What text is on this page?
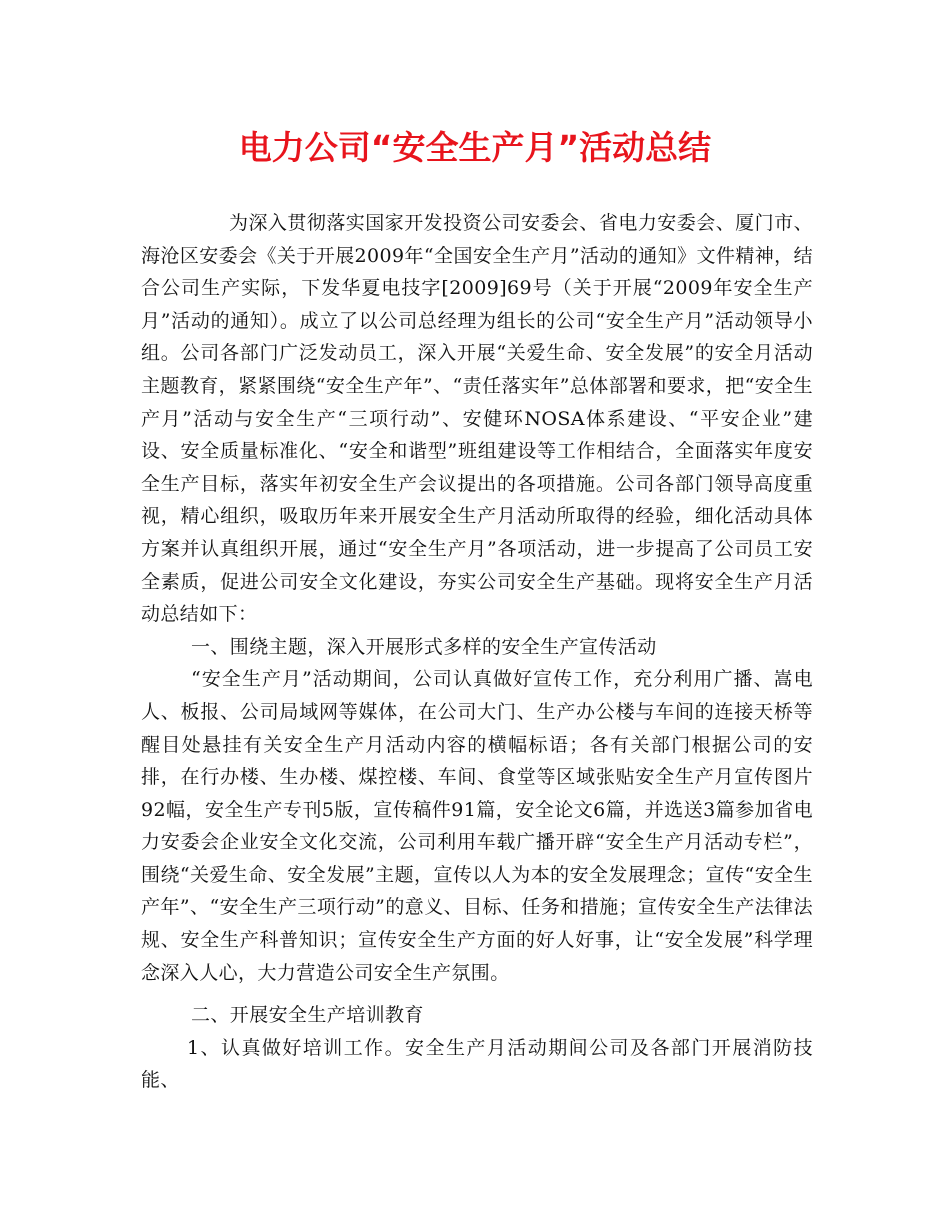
电力公司“安全生产月”活动总结

为深入贯彻落实国家开发投资公司安委会、省电力安委会、厦门市、海沧区安委会《关于开展2009年“全国安全生产月”活动的通知》文件精神，结合公司生产实际，下发华夏电技字[2009]69号（关于开展“2009年安全生产月”活动的通知）。成立了以公司总经理为组长的公司“安全生产月”活动领导小组。公司各部门广泛发动员工，深入开展“关爱生命、安全发展”的安全月活动主题教育，紧紧围绕“安全生产年”、“责任落实年”总体部署和要求，把“安全生产月”活动与安全生产“三项行动”、安健环NOSA体系建设、“平安企业”建设、安全质量标准化、“安全和谐型”班组建设等工作相结合，全面落实年度安全生产目标，落实年初安全生产会议提出的各项措施。公司各部门领导高度重视，精心组织，吸取历年来开展安全生产月活动所取得的经验，细化活动具体方案并认真组织开展，通过“安全生产月”各项活动，进一步提高了公司员工安全素质，促进公司安全文化建设，夯实公司安全生产基础。现将安全生产月活动总结如下：

一、围绕主题，深入开展形式多样的安全生产宣传活动

“安全生产月”活动期间，公司认真做好宣传工作，充分利用广播、嵩电人、板报、公司局域网等媒体，在公司大门、生产办公楼与车间的连接天桥等醒目处悬挂有关安全生产月活动内容的横幅标语；各有关部门根据公司的安排，在行办楼、生办楼、煤控楼、车间、食堂等区域张贴安全生产月宣传图片92幅，安全生产专刊5版，宣传稿件91篇，安全论文6篇，并选送3篇参加省电力安委会企业安全文化交流，公司利用车载广播开辟“安全生产月活动专栏”，围绕“关爱生命、安全发展”主题，宣传以人为本的安全发展理念；宣传“安全生产年”、“安全生产三项行动”的意义、目标、任务和措施；宣传安全生产法律法规、安全生产科普知识；宣传安全生产方面的好人好事，让“安全发展”科学理念深入人心，大力营造公司安全生产氛围。

二、开展安全生产培训教育

1、认真做好培训工作。安全生产月活动期间公司及各部门开展消防技能、
